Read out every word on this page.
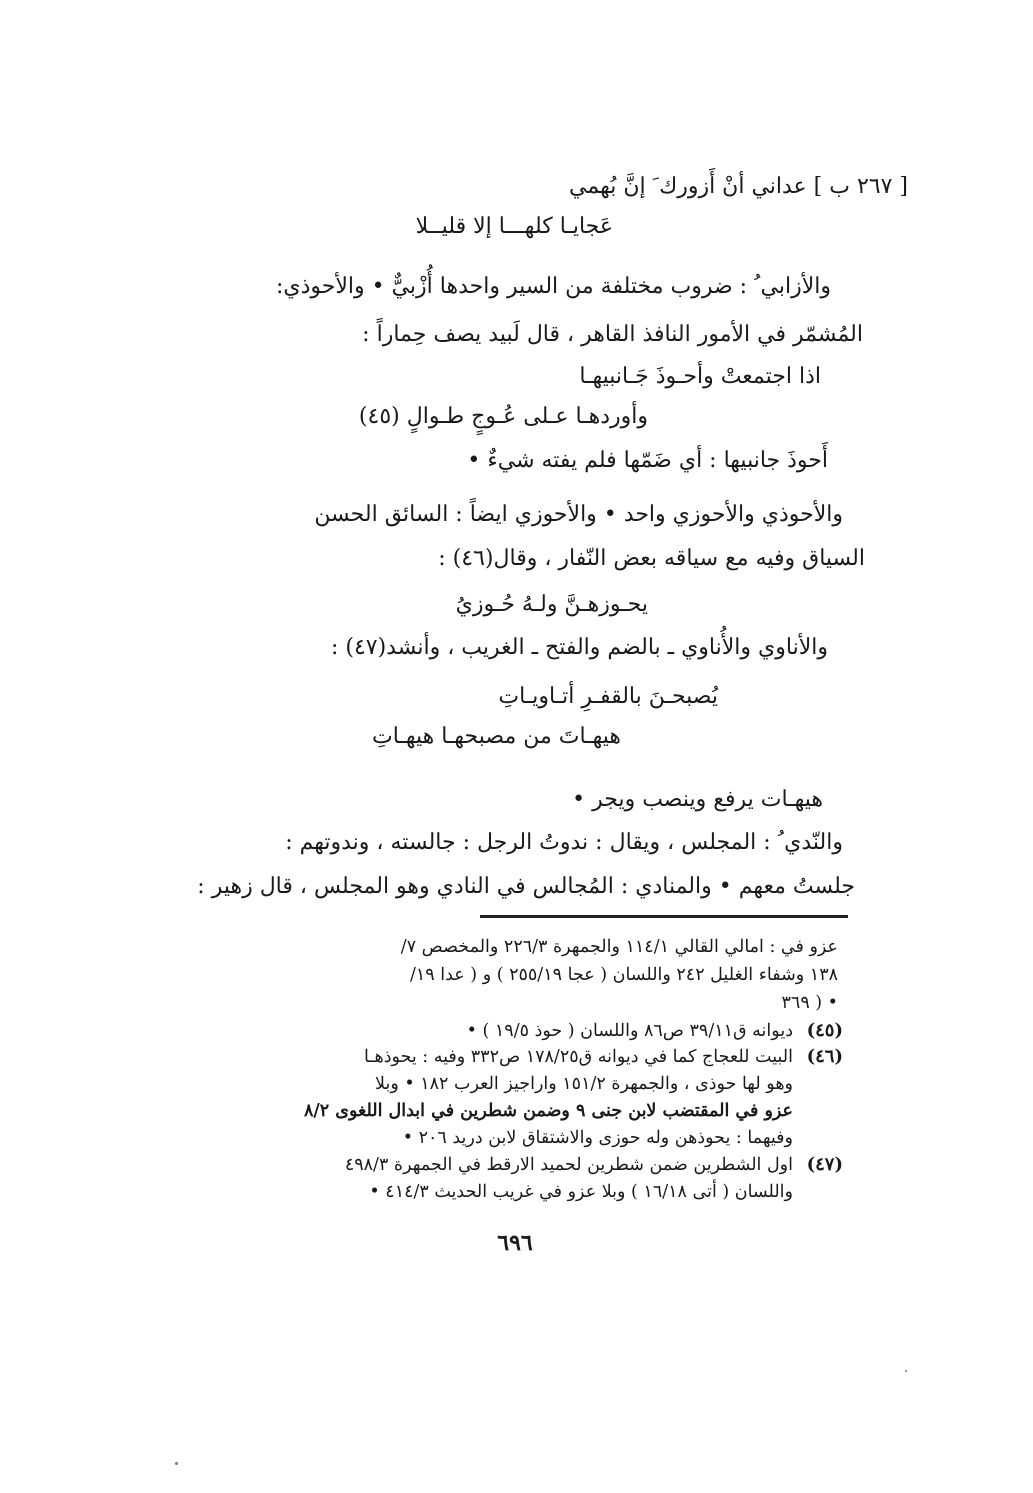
[ ٢٦٧ ب ] عداني أنْ أَزورك َ إنَّ بُهمي
عَجايـا كلهـــا إلا قليــلا
والأزابي ُ : ضروب مختلفة من السير واحدها أُزْبيٌّ • والأحوذي:
المُشمّر في الأمور النافذ القاهر ، قال لَبيد يصف حِماراً :
اذا اجتمعتْ وأحـوذَ جَـانبيهـا
وأوردهـا عـلى عُـوجٍ طـوالٍ (٤٥)
أَحوذَ جانبيها : أي ضَمّها فلم يفته شيءٌ •
والأحوذي والأحوزي واحد • والأحوزي ايضاً : السائق الحسن
السياق وفيه مع سياقه بعض النّفار ، وقال(٤٦) :
يحـوزهـنَّ ولـهُ حُـوزيُ
والأناوي والأُناوي ـ بالضم والفتح ـ الغريب ، وأنشد(٤٧) :
يُصبحـنَ بالقفـرِ أتـاويـاتِ
هيهـاتَ من مصبحهـا هيهـاتِ
هيهـات يرفع وينصب ويجر •
والنّدي ُ : المجلس ، ويقال : ندوتُ الرجل : جالسته ، وندوتهم :
جلستُ معهم • والمنادي : المُجالس في النادي وهو المجلس ، قال زهير :
عزو في : امالي القالي ١١٤/١ والجمهرة ٢٢٦/٣ والمخصص ٧/
١٣٨ وشفاء الغليل ٢٤٢ واللسان ( عجا ٢٥٥/١٩ ) و ( عدا ١٩/
٣٦٩ ) •
(٤٥)
ديوانه ق٣٩/١١ ص٨٦ واللسان ( حوذ ١٩/٥ ) •
(٤٦)
البيت للعجاج كما في ديوانه ق١٧٨/٢٥ ص٣٣٢ وفيه : يحوذهـا
وهو لها حوذى ، والجمهرة ١٥١/٢ واراجيز العرب ١٨٢ • وبلا
عزو في المقتضب لابن جنى ٩ وضمن شطرين في ابدال اللغوى ٨/٢
وفيهما : يحوذهن وله حوزى والاشتقاق لابن دريد ٢٠٦ •
(٤٧)
اول الشطرين ضمن شطرين لحميد الارقط في الجمهرة ٤٩٨/٣
واللسان ( أتى ١٦/١٨ ) وبلا عزو في غريب الحديث ٤١٤/٣ •
٦٩٦
